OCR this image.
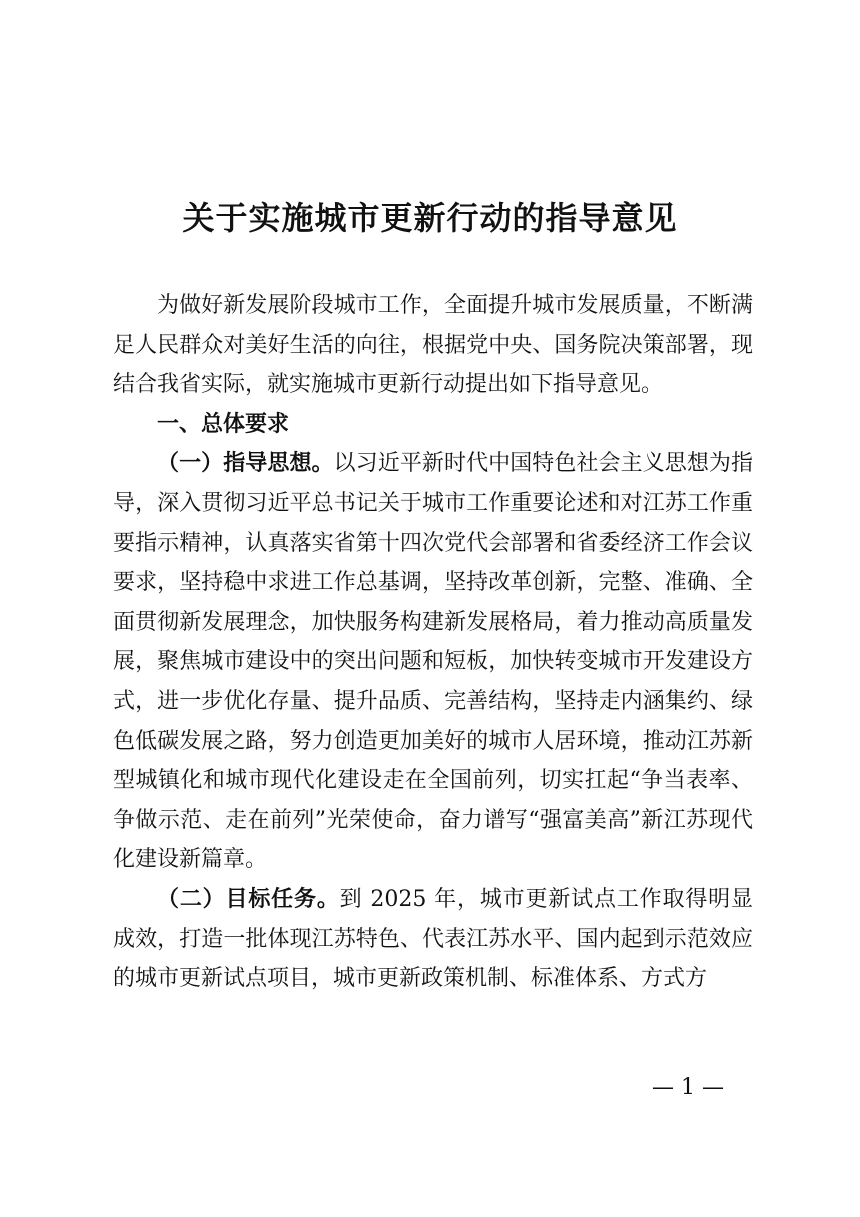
关于实施城市更新行动的指导意见

为做好新发展阶段城市工作，全面提升城市发展质量，不断满足人民群众对美好生活的向往，根据党中央、国务院决策部署，现结合我省实际，就实施城市更新行动提出如下指导意见。

一、总体要求

（一）指导思想。以习近平新时代中国特色社会主义思想为指导，深入贯彻习近平总书记关于城市工作重要论述和对江苏工作重要指示精神，认真落实省第十四次党代会部署和省委经济工作会议要求，坚持稳中求进工作总基调，坚持改革创新，完整、准确、全面贯彻新发展理念，加快服务构建新发展格局，着力推动高质量发展，聚焦城市建设中的突出问题和短板，加快转变城市开发建设方式，进一步优化存量、提升品质、完善结构，坚持走内涵集约、绿色低碳发展之路，努力创造更加美好的城市人居环境，推动江苏新型城镇化和城市现代化建设走在全国前列，切实扛起“争当表率、争做示范、走在前列”光荣使命，奋力谱写“强富美高”新江苏现代化建设新篇章。

（二）目标任务。到 2025 年，城市更新试点工作取得明显成效，打造一批体现江苏特色、代表江苏水平、国内起到示范效应的城市更新试点项目，城市更新政策机制、标准体系、方式方

— 1 —
